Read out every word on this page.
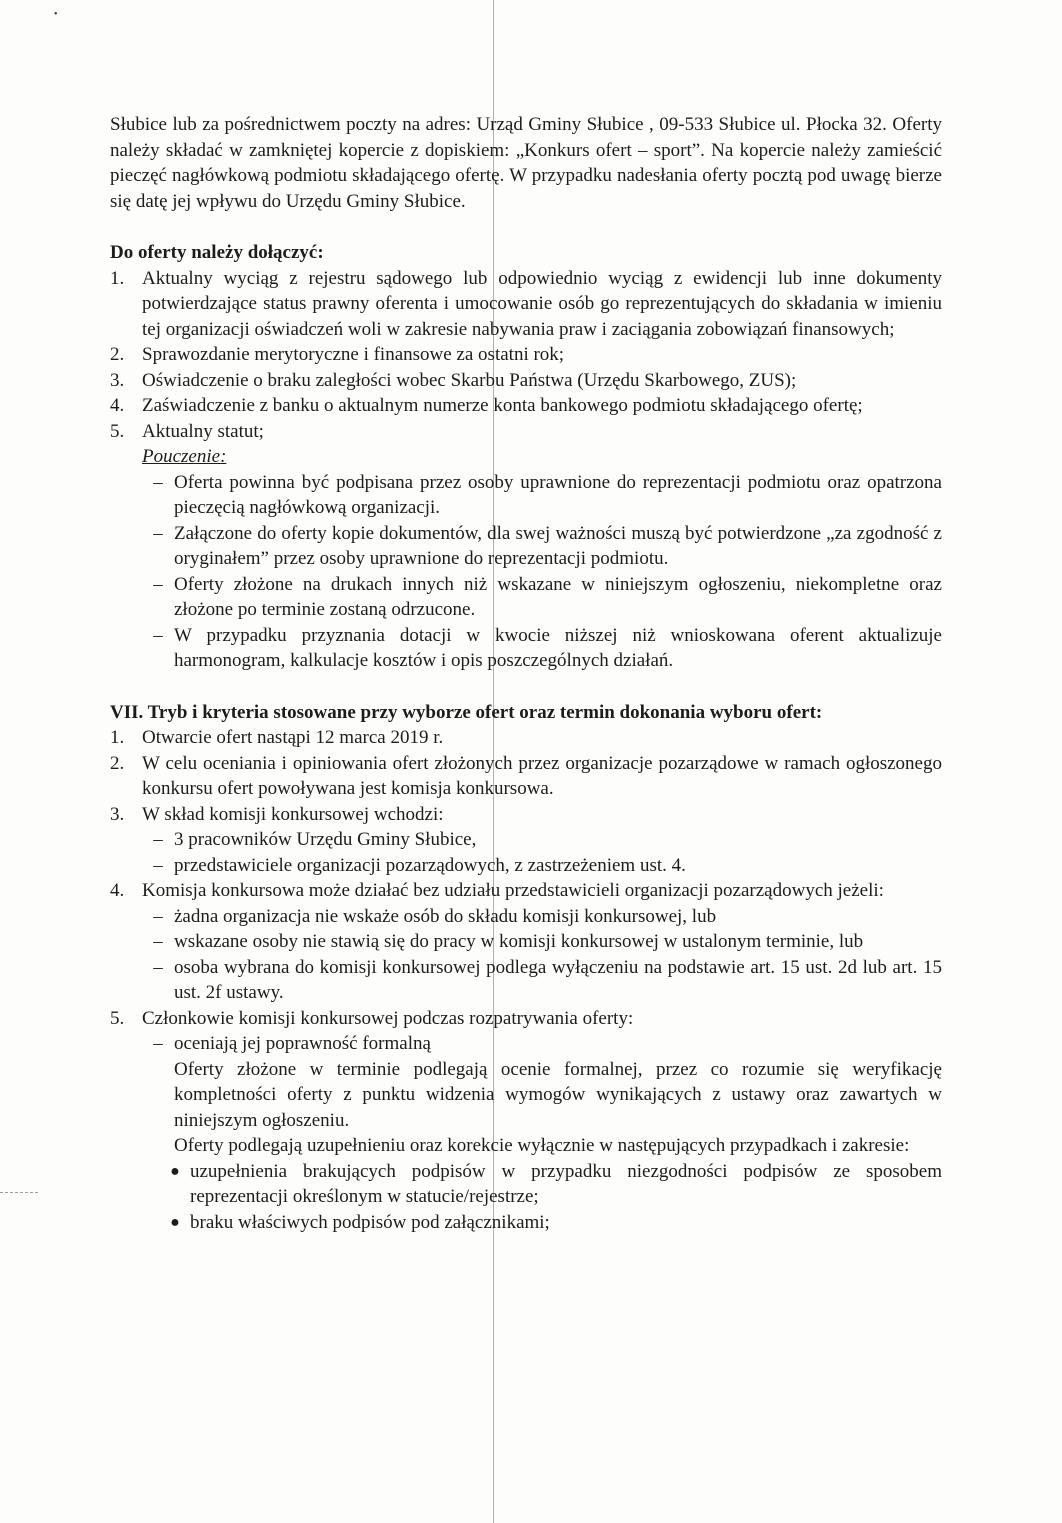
•

Słubice lub za pośrednictwem poczty na adres: Urząd Gminy Słubice , 09-533 Słubice ul. Płocka 32. Oferty należy składać w zamkniętej kopercie z dopiskiem: „Konkurs ofert – sport”. Na kopercie należy zamieścić pieczęć nagłówkową podmiotu składającego ofertę. W przypadku nadesłania oferty pocztą pod uwagę bierze się datę jej wpływu do Urzędu Gminy Słubice.

Do oferty należy dołączyć:

1. Aktualny wyciąg z rejestru sądowego lub odpowiednio wyciąg z ewidencji lub inne dokumenty potwierdzające status prawny oferenta i umocowanie osób go reprezentujących do składania w imieniu tej organizacji oświadczeń woli w zakresie nabywania praw i zaciągania zobowiązań finansowych;
2. Sprawozdanie merytoryczne i finansowe za ostatni rok;
3. Oświadczenie o braku zaległości wobec Skarbu Państwa (Urzędu Skarbowego, ZUS);
4. Zaświadczenie z banku o aktualnym numerze konta bankowego podmiotu składającego ofertę;
5. Aktualny statut;

Pouczenie:

– Oferta powinna być podpisana przez osoby uprawnione do reprezentacji podmiotu oraz opatrzona pieczęcią nagłówkową organizacji.
– Załączone do oferty kopie dokumentów, dla swej ważności muszą być potwierdzone „za zgodność z oryginałem” przez osoby uprawnione do reprezentacji podmiotu.
– Oferty złożone na drukach innych niż wskazane w niniejszym ogłoszeniu, niekompletne oraz złożone po terminie zostaną odrzucone.
– W przypadku przyznania dotacji w kwocie niższej niż wnioskowana oferent aktualizuje harmonogram, kalkulacje kosztów i opis poszczególnych działań.

VII. Tryb i kryteria stosowane przy wyborze ofert oraz termin dokonania wyboru ofert:

1. Otwarcie ofert nastąpi 12 marca 2019 r.
2. W celu oceniania i opiniowania ofert złożonych przez organizacje pozarządowe w ramach ogłoszonego konkursu ofert powoływana jest komisja konkursowa.
3. W skład komisji konkursowej wchodzi:
– 3 pracowników Urzędu Gminy Słubice,
– przedstawiciele organizacji pozarządowych, z zastrzeżeniem ust. 4.
4. Komisja konkursowa może działać bez udziału przedstawicieli organizacji pozarządowych jeżeli:
– żadna organizacja nie wskaże osób do składu komisji konkursowej, lub
– wskazane osoby nie stawią się do pracy w komisji konkursowej w ustalonym terminie, lub
– osoba wybrana do komisji konkursowej podlega wyłączeniu na podstawie art. 15 ust. 2d lub art. 15 ust. 2f ustawy.
5. Członkowie komisji konkursowej podczas rozpatrywania oferty:
– oceniają jej poprawność formalną

Oferty złożone w terminie podlegają ocenie formalnej, przez co rozumie się weryfikację kompletności oferty z punktu widzenia wymogów wynikających z ustawy oraz zawartych w niniejszym ogłoszeniu.

Oferty podlegają uzupełnieniu oraz korekcie wyłącznie w następujących przypadkach i zakresie:

● uzupełnienia brakujących podpisów w przypadku niezgodności podpisów ze sposobem reprezentacji określonym w statucie/rejestrze;
● braku właściwych podpisów pod załącznikami;
